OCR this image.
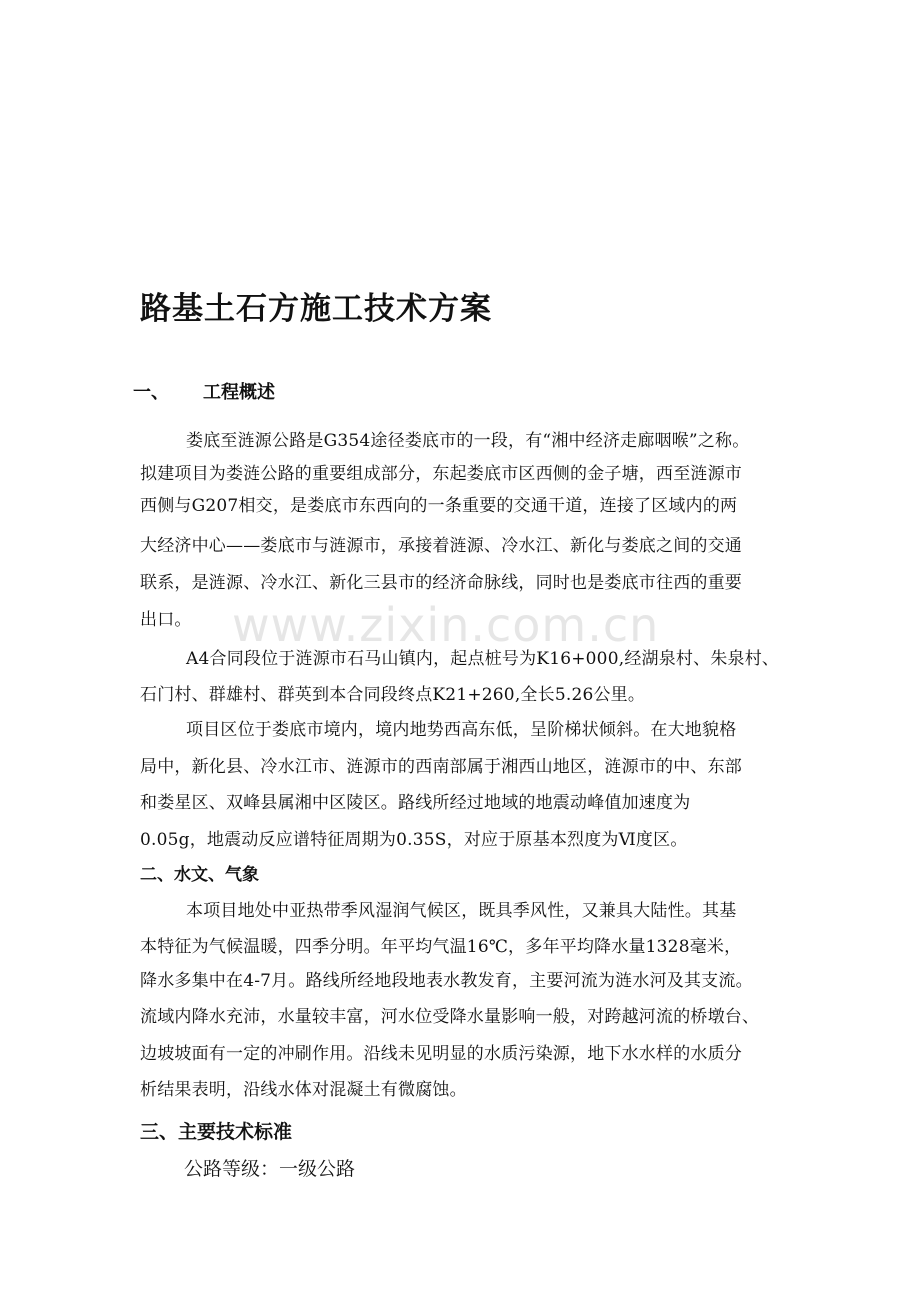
www.zixin.com.cn
路基土石方施工技术方案
一、 工程概述
娄底至涟源公路是G354途径娄底市的一段，有“湘中经济走廊咽喉”之称。
拟建项目为娄涟公路的重要组成部分，东起娄底市区西侧的金子塘，西至涟源市
西侧与G207相交，是娄底市东西向的一条重要的交通干道，连接了区域内的两
大经济中心——娄底市与涟源市，承接着涟源、冷水江、新化与娄底之间的交通
联系，是涟源、冷水江、新化三县市的经济命脉线，同时也是娄底市往西的重要
出口。
A4合同段位于涟源市石马山镇内，起点桩号为K16+000,经湖泉村、朱泉村、
石门村、群雄村、群英到本合同段终点K21+260,全长5.26公里。
项目区位于娄底市境内，境内地势西高东低，呈阶梯状倾斜。在大地貌格
局中，新化县、冷水江市、涟源市的西南部属于湘西山地区，涟源市的中、东部
和娄星区、双峰县属湘中区陵区。路线所经过地域的地震动峰值加速度为
0.05g，地震动反应谱特征周期为0.35S，对应于原基本烈度为Ⅵ度区。
二、水文、气象
本项目地处中亚热带季风湿润气候区，既具季风性，又兼具大陆性。其基
本特征为气候温暖，四季分明。年平均气温16℃，多年平均降水量1328毫米，
降水多集中在4-7月。路线所经地段地表水教发育，主要河流为涟水河及其支流。
流域内降水充沛，水量较丰富，河水位受降水量影响一般，对跨越河流的桥墩台、
边坡坡面有一定的冲刷作用。沿线未见明显的水质污染源，地下水水样的水质分
析结果表明，沿线水体对混凝土有微腐蚀。
三、主要技术标准
公路等级：一级公路
